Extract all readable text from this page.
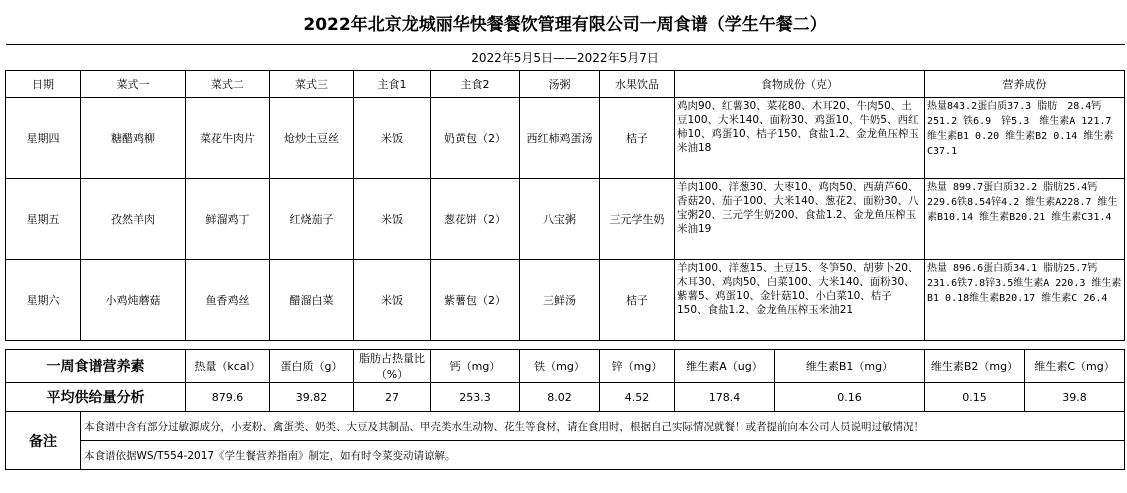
2022年北京龙城丽华快餐餐饮管理有限公司一周食谱（学生午餐二）											
2022年5月5日——2022年5月7日											
日期	菜式一	菜式二	菜式三	主食1	主食2	汤粥	水果饮品	食物成份（克）		营养成份	
星期四	糖醋鸡柳	菜花牛肉片	炝炒土豆丝	米饭	奶黄包（2）	西红柿鸡蛋汤	桔子	鸡肉90、红薯30、菜花80、木耳20、牛肉50、土豆100、大米140、面粉30、鸡蛋10、牛奶5、西红柿10、鸡蛋10、桔子150、食盐1.2、金龙鱼压榨玉米油18		热量843.2蛋白质37.3 脂肪　28.4钙 251.2 铁6.9　锌5.3　维生素A 121.7 维生素B1 0.20 维生素B2 0.14 维生素C37.1	
星期五	孜然羊肉	鲜溜鸡丁	红烧茄子	米饭	葱花饼（2）	八宝粥	三元学生奶	羊肉100、洋葱30、大枣10、鸡肉50、西葫芦60、香菇20、茄子100、大米140、葱花2、面粉30、八宝粥20、三元学生奶200、食盐1.2、金龙鱼压榨玉米油19		热量 899.7蛋白质32.2 脂肪25.4钙229.6铁8.54锌4.2 维生素A228.7 维生素B10.14 维生素B20.21 维生素C31.4	
星期六	小鸡炖蘑菇	鱼香鸡丝	醋溜白菜	米饭	紫薯包（2）	三鲜汤	桔子	羊肉100、洋葱15、土豆15、冬笋50、胡萝卜20、木耳30、鸡肉50、白菜100、大米140、面粉30、紫薯5、鸡蛋10、金针菇10、小白菜10、桔子150、食盐1.2、金龙鱼压榨玉米油21		热量 896.6蛋白质34.1 脂肪25.7钙231.6铁7.8锌3.5维生素A 220.3 维生素B1 0.18维生素B20.17 维生素C 26.4	

一周食谱营养素		热量（kcal）	蛋白质（g）	脂肪占热量比（%）	钙（mg）	铁（mg）	锌（mg）	维生素A（ug）	维生素B1（mg）	维生素B2（mg）	维生素C（mg）
平均供给量分析		879.6	39.82	27	253.3	8.02	4.52	178.4	0.16	0.15	39.8
备注	本食谱中含有部分过敏源成分，小麦粉、禽蛋类、奶类、大豆及其制品、甲壳类水生动物、花生等食材，请在食用时，根据自己实际情况就餐！或者提前向本公司人员说明过敏情况！										
	本食谱依据WS/T554-2017《学生餐营养指南》制定，如有时令菜变动请谅解。										
